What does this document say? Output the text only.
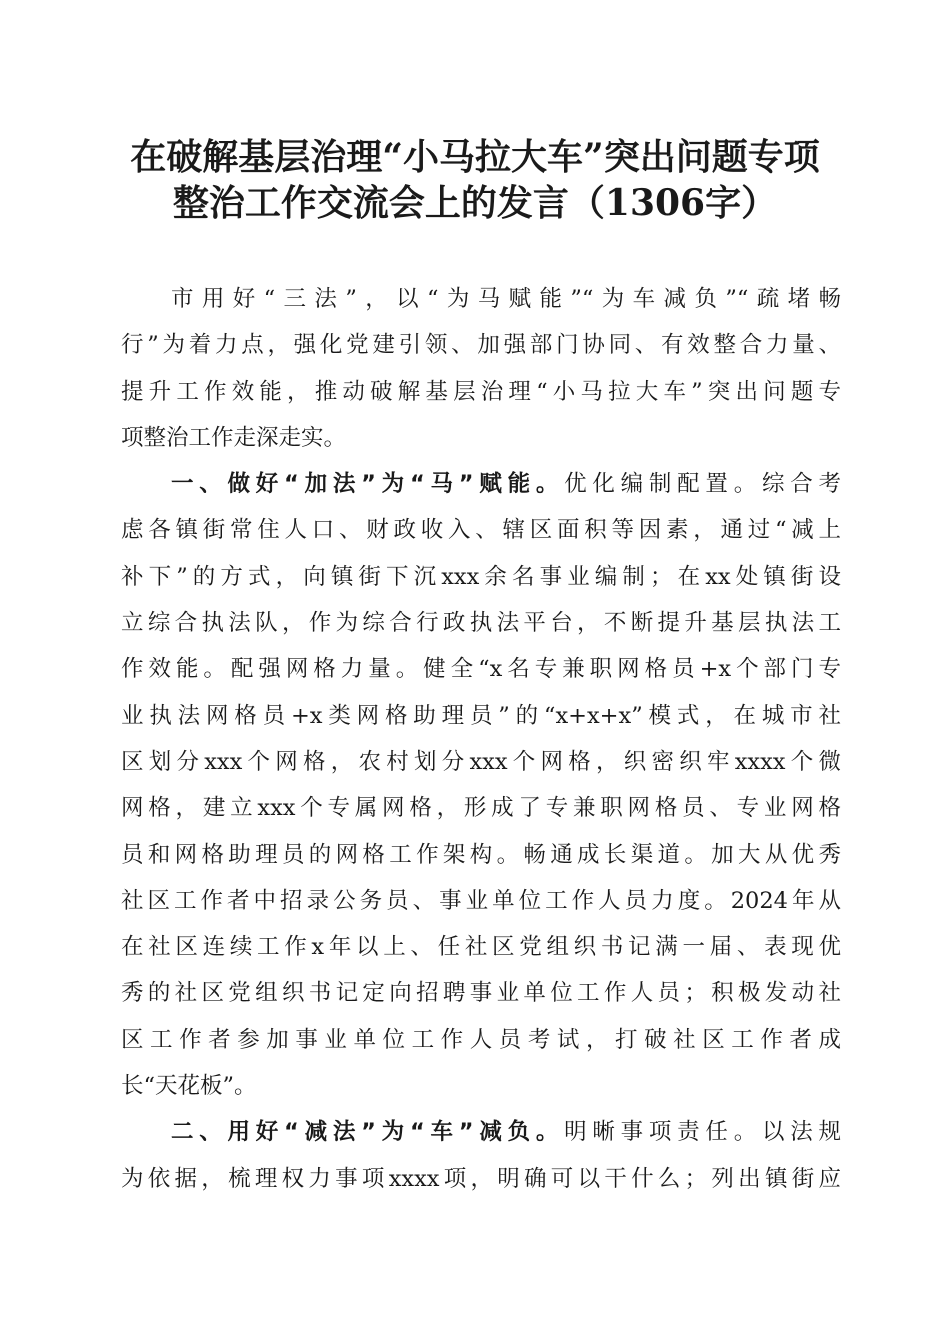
在破解基层治理“小马拉大车”突出问题专项
整治工作交流会上的发言（1306字）
市用好“三法”，以“为马赋能”“为车减负”“疏堵畅
行”为着力点，强化党建引领、加强部门协同、有效整合力量、
提升工作效能，推动破解基层治理“小马拉大车”突出问题专
项整治工作走深走实。
一、做好“加法”为“马”赋能。优化编制配置。综合考
虑各镇街常住人口、财政收入、辖区面积等因素，通过“减上
补下”的方式，向镇街下沉xxx余名事业编制；在xx处镇街设
立综合执法队，作为综合行政执法平台，不断提升基层执法工
作效能。配强网格力量。健全“x名专兼职网格员+x个部门专
业执法网格员+x类网格助理员”的“x+x+x”模式，在城市社
区划分xxx个网格，农村划分xxx个网格，织密织牢xxxx个微
网格，建立xxx个专属网格，形成了专兼职网格员、专业网格
员和网格助理员的网格工作架构。畅通成长渠道。加大从优秀
社区工作者中招录公务员、事业单位工作人员力度。2024年从
在社区连续工作x年以上、任社区党组织书记满一届、表现优
秀的社区党组织书记定向招聘事业单位工作人员；积极发动社
区工作者参加事业单位工作人员考试，打破社区工作者成
长“天花板”。
二、用好“减法”为“车”减负。明晰事项责任。以法规
为依据，梳理权力事项xxxx项，明确可以干什么；列出镇街应
